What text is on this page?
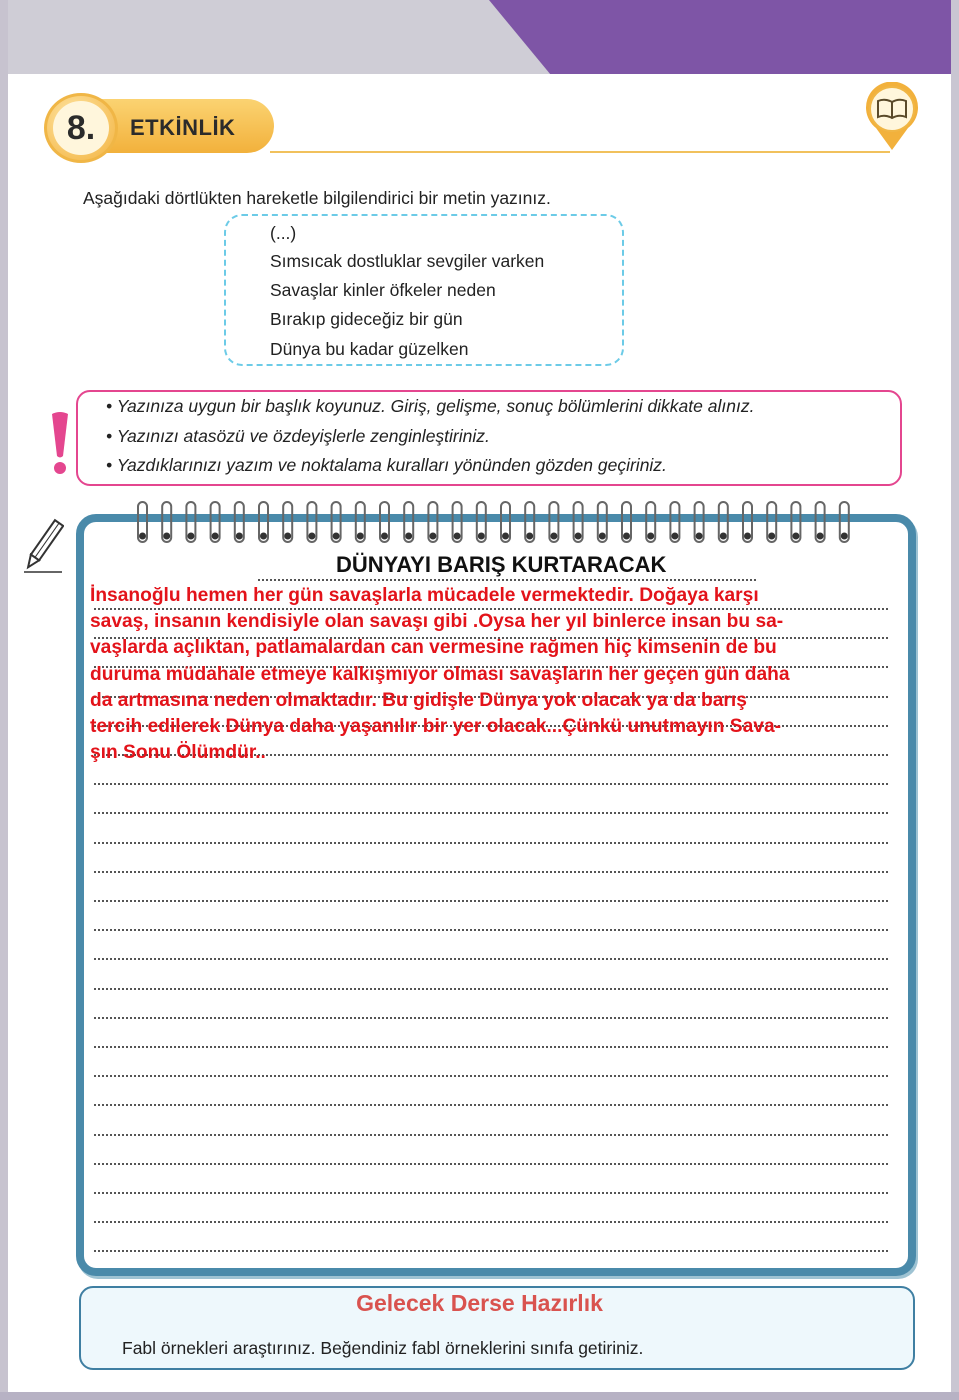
ETKİNLİK
8.
Aşağıdaki dörtlükten hareketle bilgilendirici bir metin yazınız.
(...)
Sımsıcak dostluklar sevgiler varken
Savaşlar kinler öfkeler neden
Bırakıp gideceğiz bir gün
Dünya bu kadar güzelken
• Yazınıza uygun bir başlık koyunuz. Giriş, gelişme, sonuç bölümlerini dikkate alınız.
• Yazınızı atasözü ve özdeyişlerle zenginleştiriniz.
• Yazdıklarınızı yazım ve noktalama kuralları yönünden gözden geçiriniz.
DÜNYAYI BARIŞ KURTARACAK
İnsanoğlu hemen her gün savaşlarla mücadele vermektedir. Doğaya karşı
savaş, insanın kendisiyle olan savaşı gibi .Oysa her yıl binlerce insan bu sa-
vaşlarda açlıktan, patlamalardan can vermesine rağmen hiç kimsenin de bu
duruma müdahale etmeye kalkışmıyor olması savaşların her geçen gün daha
da artmasına neden olmaktadır. Bu gidişle Dünya yok olacak ya da barış
tercih edilerek Dünya daha yaşanılır bir yer olacak...Çünkü unutmayın Sava-
şın Sonu Ölümdür..
Gelecek Derse Hazırlık
Fabl örnekleri araştırınız. Beğendiniz fabl örneklerini sınıfa getiriniz.
